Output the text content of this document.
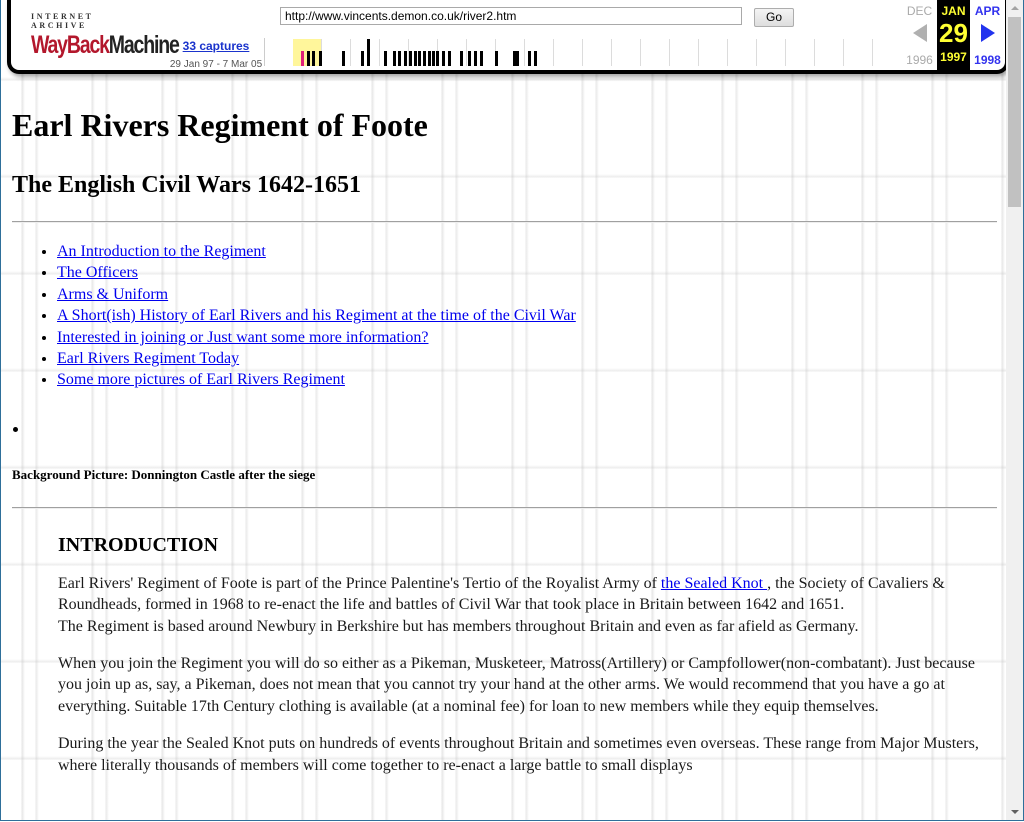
INTERNET ARCHIVE
WayBackMachine 33 captures
29 Jan 97 - 7 Mar 05
http://www.vincents.demon.co.uk/river2.htm
Go	DEC
1996
JAN
29
1997
APR
1998
Earl Rivers Regiment of Foote
The English Civil Wars 1642-1651
• An Introduction to the Regiment
• The Officers
• Arms & Uniform
• A Short(ish) History of Earl Rivers and his Regiment at the time of the Civil War
• Interested in joining or Just want some more information?
• Earl Rivers Regiment Today
• Some more pictures of Earl Rivers Regiment
Background Picture: Donnington Castle after the siege
INTRODUCTION

Earl Rivers' Regiment of Foote is part of the Prince Palentine's Tertio of the Royalist Army of the Sealed Knot , the Society of Cavaliers & Roundheads, formed in 1968 to re-enact the life and battles of Civil War that took place in Britain between 1642 and 1651.
The Regiment is based around Newbury in Berkshire but has members throughout Britain and even as far afield as Germany.

When you join the Regiment you will do so either as a Pikeman, Musketeer, Matross(Artillery) or Campfollower(non-combatant). Just because you join up as, say, a Pikeman, does not mean that you cannot try your hand at the other arms. We would recommend that you have a go at everything. Suitable 17th Century clothing is available (at a nominal fee) for loan to new members while they equip themselves.

During the year the Sealed Knot puts on hundreds of events throughout Britain and sometimes even overseas. These range from Major Musters, where literally thousands of members will come together to re-enact a large battle to small displays
